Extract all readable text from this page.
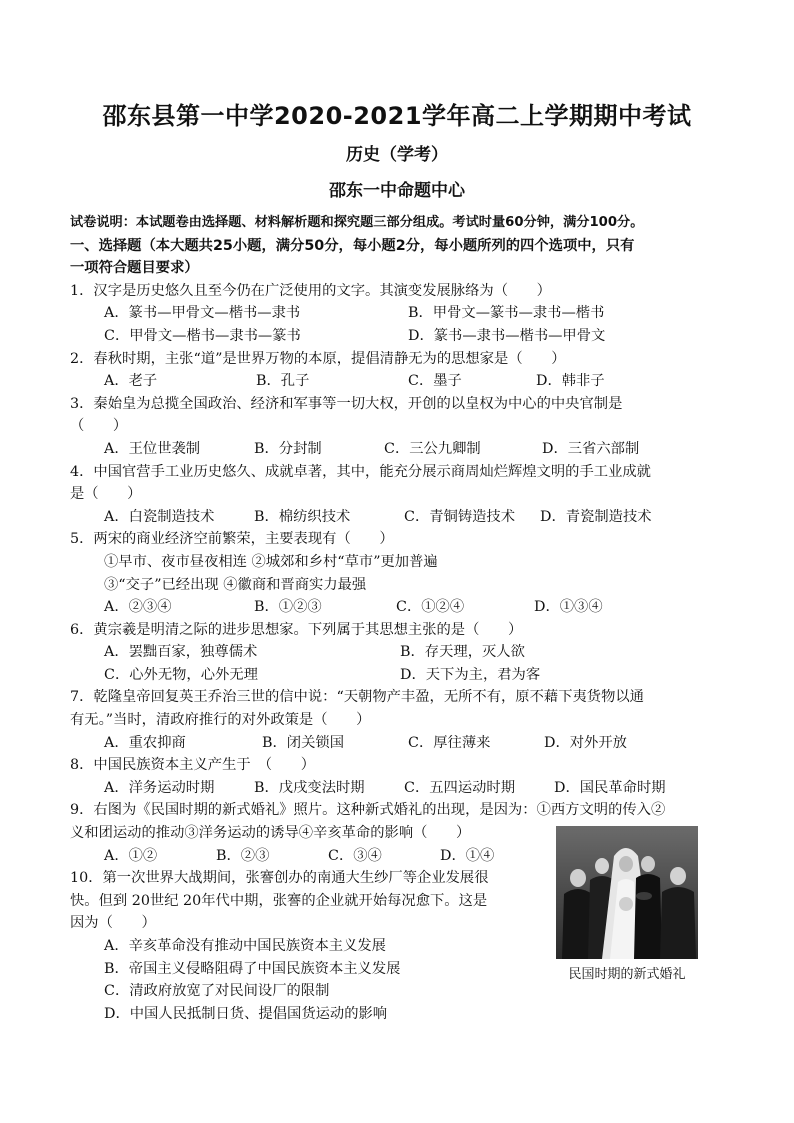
邵东县第一中学2020-2021学年高二上学期期中考试
历史（学考）
邵东一中命题中心
试卷说明：本试题卷由选择题、材料解析题和探究题三部分组成。考试时量60分钟，满分100分。
一、选择题（本大题共25小题，满分50分，每小题2分，每小题所列的四个选项中，只有
一项符合题目要求）
1．汉字是历史悠久且至今仍在广泛使用的文字。其演变发展脉络为（　　）
A．篆书—甲骨文—楷书—隶书	B．甲骨文—篆书—隶书—楷书
C．甲骨文—楷书—隶书—篆书	D．篆书—隶书—楷书—甲骨文
2．春秋时期，主张“道”是世界万物的本原，提倡清静无为的思想家是（　　）
A．老子	B．孔子	C．墨子	D．韩非子
3．秦始皇为总揽全国政治、经济和军事等一切大权，开创的以皇权为中心的中央官制是
（　　）
A．王位世袭制	B．分封制	C．三公九卿制	D．三省六部制
4．中国官营手工业历史悠久、成就卓著，其中，能充分展示商周灿烂辉煌文明的手工业成就
是（　　）
A．白瓷制造技术	B．棉纺织技术	C．青铜铸造技术 D．青瓷制造技术
5．两宋的商业经济空前繁荣，主要表现有（　　）
①早市、夜市昼夜相连 ②城郊和乡村“草市”更加普遍
③“交子”已经出现 ④徽商和晋商实力最强
A．②③④	B．①②③	C．①②④	D．①③④
6．黄宗羲是明清之际的进步思想家。下列属于其思想主张的是（　　）
A．罢黜百家，独尊儒术	B．存天理，灭人欲
C．心外无物，心外无理	D．天下为主，君为客
7．乾隆皇帝回复英王乔治三世的信中说：“天朝物产丰盈，无所不有，原不藉下夷货物以通
有无。”当时，清政府推行的对外政策是（　　）
A．重农抑商	B．闭关锁国	C．厚往薄来	D．对外开放
8．中国民族资本主义产生于　（　　）
A．洋务运动时期	B．戊戌变法时期	C．五四运动时期	D．国民革命时期
9．右图为《民国时期的新式婚礼》照片。这种新式婚礼的出现，是因为：①西方文明的传入②
义和团运动的推动③洋务运动的诱导④辛亥革命的影响（　　）
A．①②	B．②③	C．③④	D．①④
10．第一次世界大战期间，张謇创办的南通大生纱厂等企业发展很
快。但到 20世纪 20年代中期，张謇的企业就开始每况愈下。这是
因为（　　）
A．辛亥革命没有推动中国民族资本主义发展
B．帝国主义侵略阻碍了中国民族资本主义发展
C．清政府放宽了对民间设厂的限制
D．中国人民抵制日货、提倡国货运动的影响
民国时期的新式婚礼
